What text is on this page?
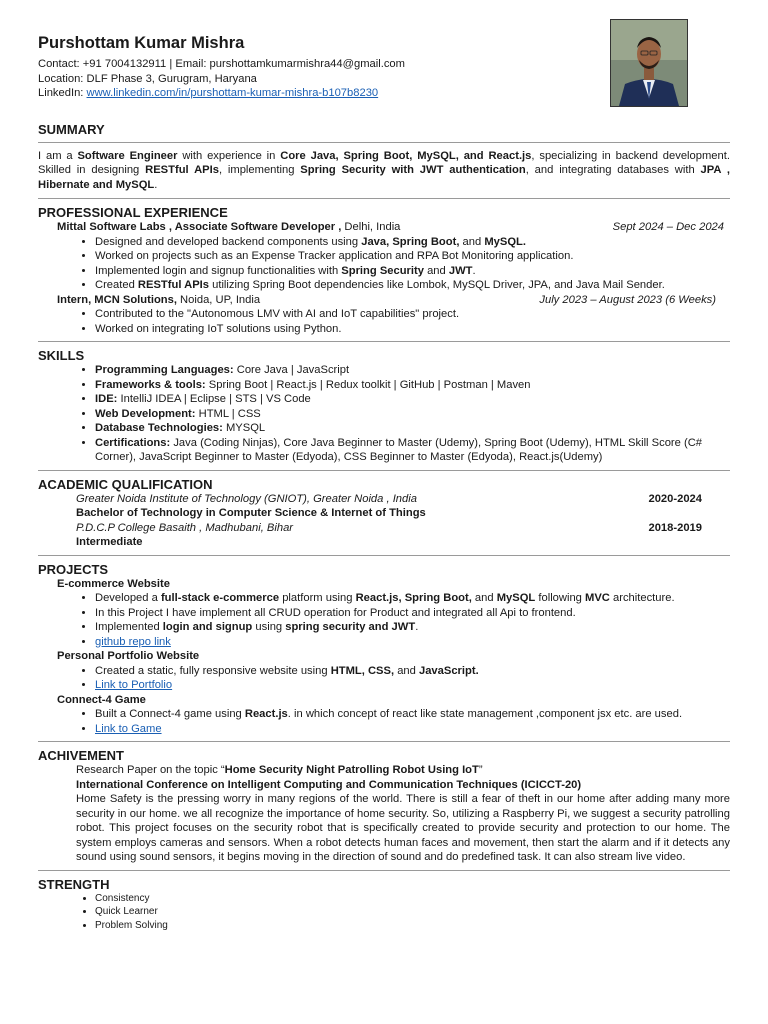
Purshottam Kumar Mishra
Contact: +91 7004132911 | Email: purshottamkumarmishra44@gmail.com
Location: DLF Phase 3, Gurugram, Haryana
LinkedIn: www.linkedin.com/in/purshottam-kumar-mishra-b107b8230
SUMMARY
I am a Software Engineer with experience in Core Java, Spring Boot, MySQL, and React.js, specializing in backend development. Skilled in designing RESTful APIs, implementing Spring Security with JWT authentication, and integrating databases with JPA , Hibernate and MySQL.
PROFESSIONAL EXPERIENCE
Mittal Software Labs , Associate Software Developer , Delhi, India	Sept 2024 – Dec 2024
• Designed and developed backend components using Java, Spring Boot, and MySQL.
• Worked on projects such as an Expense Tracker application and RPA Bot Monitoring application.
• Implemented login and signup functionalities with Spring Security and JWT.
• Created RESTful APIs utilizing Spring Boot dependencies like Lombok, MySQL Driver, JPA, and Java Mail Sender.
Intern, MCN Solutions, Noida, UP, India	July 2023 – August 2023 (6 Weeks)
• Contributed to the "Autonomous LMV with AI and IoT capabilities" project.
• Worked on integrating IoT solutions using Python.
SKILLS
• Programming Languages: Core Java | JavaScript
• Frameworks & tools: Spring Boot | React.js | Redux toolkit | GitHub | Postman | Maven
• IDE: IntelliJ IDEA | Eclipse | STS | VS Code
• Web Development: HTML | CSS
• Database Technologies: MYSQL
• Certifications: Java (Coding Ninjas), Core Java Beginner to Master (Udemy), Spring Boot (Udemy), HTML Skill Score (C# Corner), JavaScript Beginner to Master (Edyoda), CSS Beginner to Master (Edyoda), React.js(Udemy)
ACADEMIC QUALIFICATION
Greater Noida Institute of Technology (GNIOT), Greater Noida , India	2020-2024
Bachelor of Technology in Computer Science & Internet of Things
P.D.C.P College Basaith , Madhubani, Bihar	2018-2019
Intermediate
PROJECTS
E-commerce Website
• Developed a full-stack e-commerce platform using React.js, Spring Boot, and MySQL following MVC architecture.
• In this Project I have implement all CRUD operation for Product and integrated all Api to frontend.
• Implemented login and signup using spring security and JWT.
• github repo link
Personal Portfolio Website
• Created a static, fully responsive website using HTML, CSS, and JavaScript.
• Link to Portfolio
Connect-4 Game
• Built a Connect-4 game using React.js. in which concept of react like state management ,component jsx etc. are used.
• Link to Game
ACHIVEMENT
Research Paper on the topic “Home Security Night Patrolling Robot Using IoT”
International Conference on Intelligent Computing and Communication Techniques (ICICCT-20)
Home Safety is the pressing worry in many regions of the world. There is still a fear of theft in our home after adding many more security in our home. we all recognize the importance of home security. So, utilizing a Raspberry Pi, we suggest a security patrolling robot. This project focuses on the security robot that is specifically created to provide security and protection to our home. The system employs cameras and sensors. When a robot detects human faces and movement, then start the alarm and if it detects any sound using sound sensors, it begins moving in the direction of sound and do predefined task. It can also stream live video.
STRENGTH
• Consistency
• Quick Learner
• Problem Solving
